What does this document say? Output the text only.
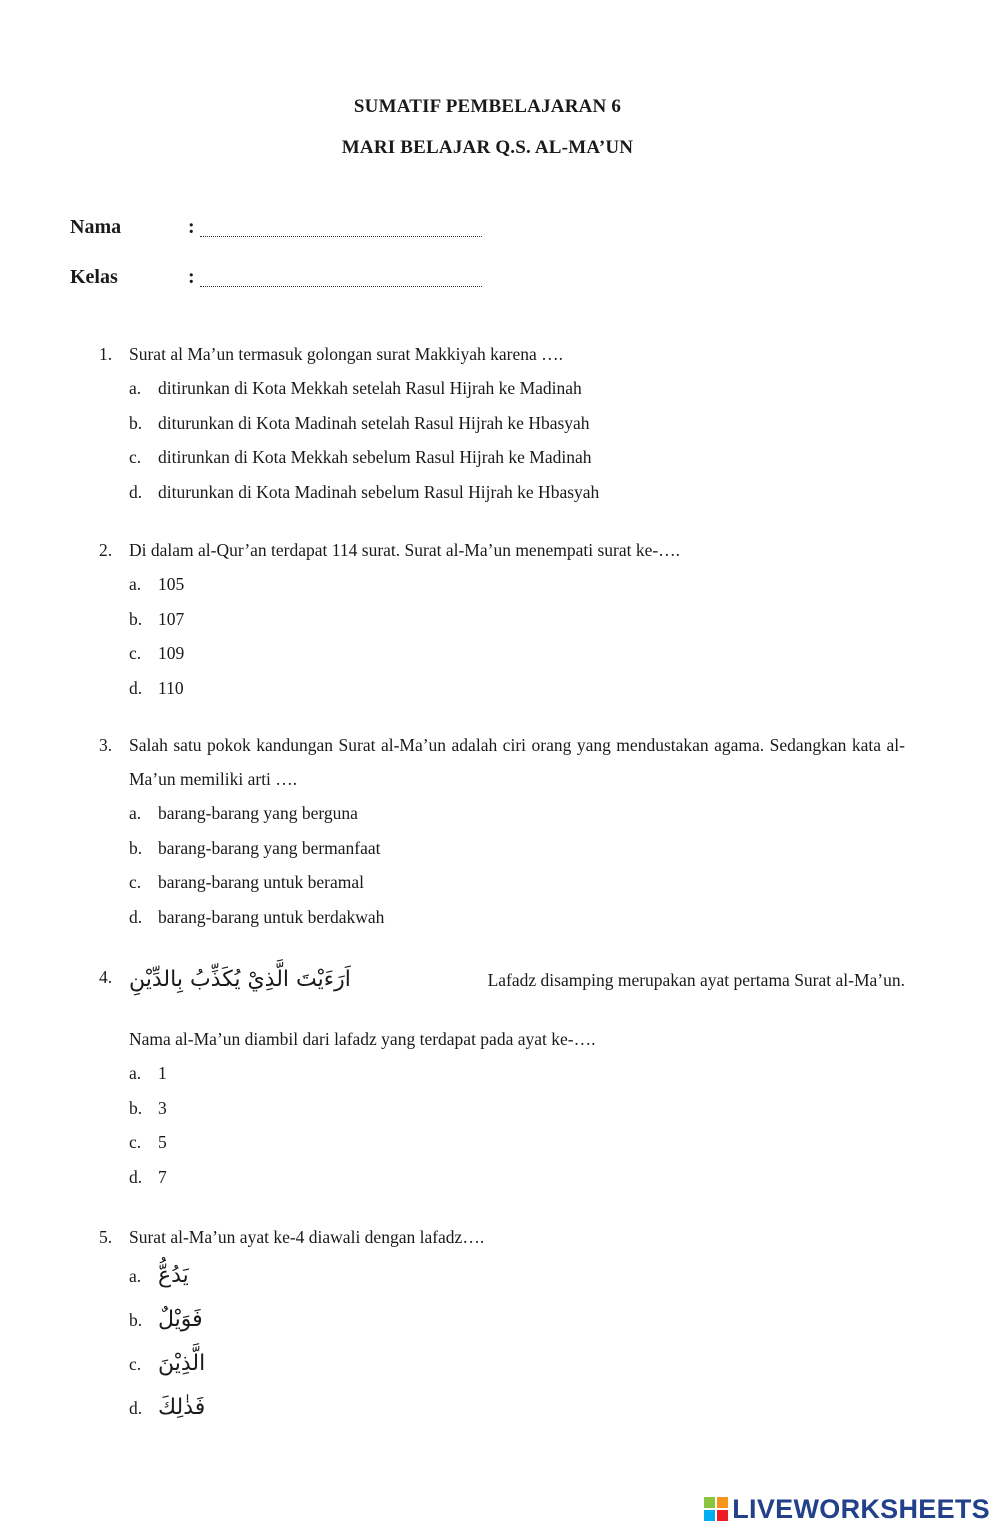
SUMATIF PEMBELAJARAN 6
MARI BELAJAR Q.S. AL-MA’UN
Nama	:
Kelas	:
1. Surat al Ma’un termasuk golongan surat Makkiyah karena ….
a. ditirunkan di Kota Mekkah setelah Rasul Hijrah ke Madinah
b. diturunkan di Kota Madinah setelah Rasul Hijrah ke Hbasyah
c. ditirunkan di Kota Mekkah sebelum Rasul Hijrah ke Madinah
d. diturunkan di Kota Madinah sebelum Rasul Hijrah ke Hbasyah
2. Di dalam al-Qur’an terdapat 114 surat. Surat al-Ma’un menempati surat ke-….
a. 105
b. 107
c. 109
d. 110
3. Salah satu pokok kandungan Surat al-Ma’un adalah ciri orang yang mendustakan agama. Sedangkan kata al-Ma’un memiliki arti ….
a. barang-barang yang berguna
b. barang-barang yang bermanfaat
c. barang-barang untuk beramal
d. barang-barang untuk berdakwah
4. اَرَءَيْتَ الَّذِيْ يُكَذِّبُ بِالدِّيْنِ	Lafadz disamping merupakan ayat pertama Surat al-Ma’un.
Nama al-Ma’un diambil dari lafadz yang terdapat pada ayat ke-….
a. 1
b. 3
c. 5
d. 7
5. Surat al-Ma’un ayat ke-4 diawali dengan lafadz….
a. يَدُعُّ
b. فَوَيْلٌ
c. الَّذِيْنَ
d. فَذٰلِكَ
LIVEWORKSHEETS
